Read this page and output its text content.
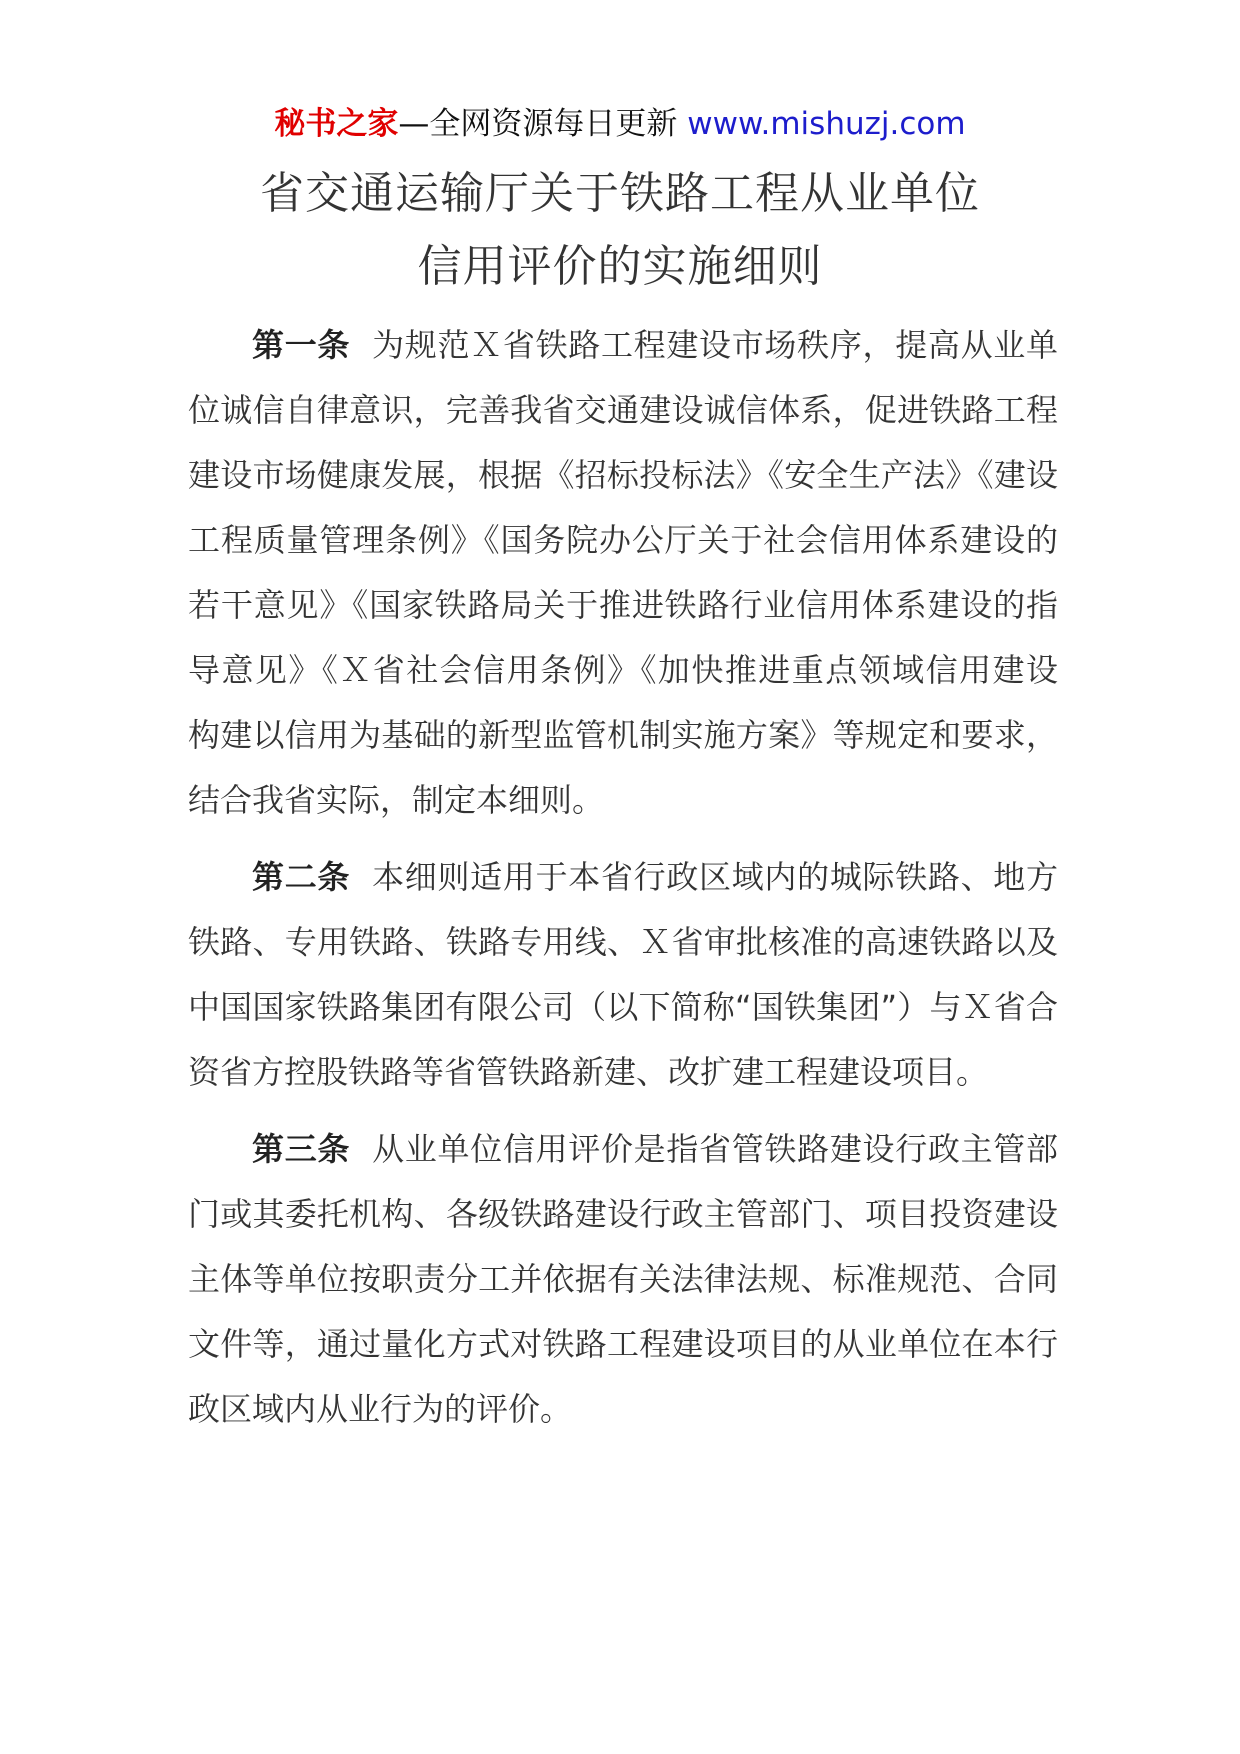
秘书之家—全网资源每日更新 www.mishuzj.com
省交通运输厅关于铁路工程从业单位
信用评价的实施细则

第一条 为规范Ｘ省铁路工程建设市场秩序，提高从业单位诚信自律意识，完善我省交通建设诚信体系，促进铁路工程建设市场健康发展，根据《招标投标法》《安全生产法》《建设工程质量管理条例》《国务院办公厅关于社会信用体系建设的若干意见》《国家铁路局关于推进铁路行业信用体系建设的指导意见》《Ｘ省社会信用条例》《加快推进重点领域信用建设 构建以信用为基础的新型监管机制实施方案》等规定和要求，结合我省实际，制定本细则。

第二条 本细则适用于本省行政区域内的城际铁路、地方铁路、专用铁路、铁路专用线、Ｘ省审批核准的高速铁路以及中国国家铁路集团有限公司（以下简称“国铁集团”）与Ｘ省合资省方控股铁路等省管铁路新建、改扩建工程建设项目。

第三条 从业单位信用评价是指省管铁路建设行政主管部门或其委托机构、各级铁路建设行政主管部门、项目投资建设主体等单位按职责分工并依据有关法律法规、标准规范、合同文件等，通过量化方式对铁路工程建设项目的从业单位在本行政区域内从业行为的评价。
